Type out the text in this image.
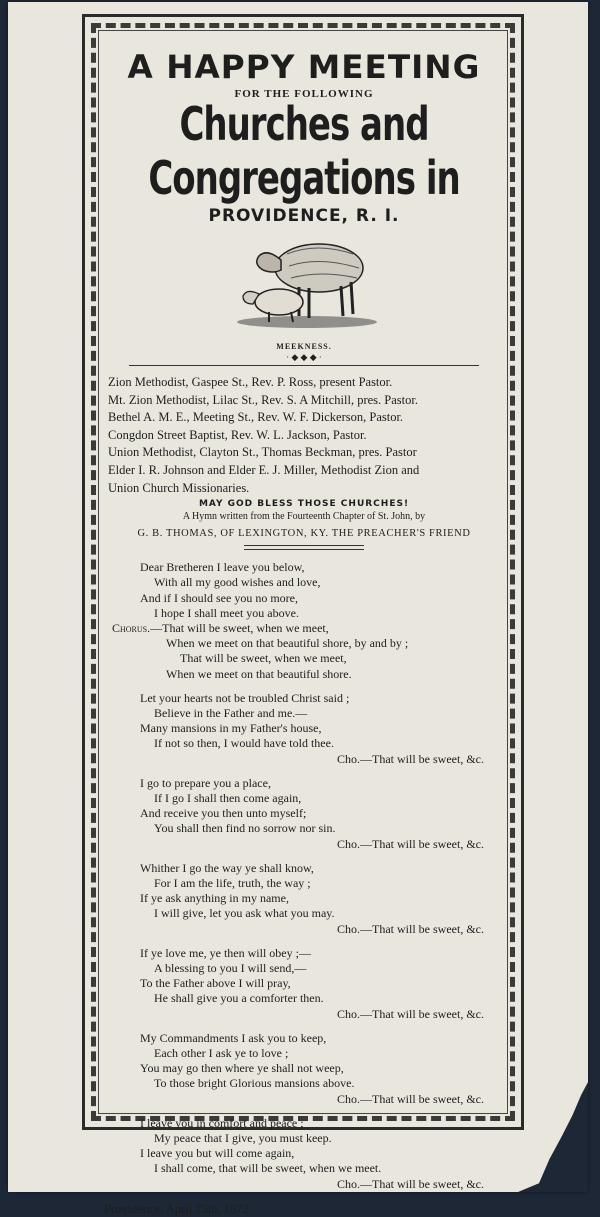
A HAPPY MEETING
FOR THE FOLLOWING
Churches and Congregations in
PROVIDENCE, R. I.
MEEKNESS.
⋅ ◆ ◆ ◆ ⋅
Zion Methodist, Gaspee St., Rev. P. Ross, present Pastor.
Mt. Zion Methodist, Lilac St., Rev. S. A Mitchill, pres. Pastor.
Bethel A. M. E., Meeting St., Rev. W. F. Dickerson, Pastor.
Congdon Street Baptist, Rev. W. L. Jackson, Pastor.
Union Methodist, Clayton St., Thomas Beckman, pres. Pastor
Elder I. R. Johnson and Elder E. J. Miller, Methodist Zion and
Union Church Missionaries.
MAY GOD BLESS THOSE CHURCHES!
A Hymn written from the Fourteenth Chapter of St. John, by
G. B. THOMAS, OF LEXINGTON, KY. THE PREACHER'S FRIEND
Dear Bretheren I leave you below,
With all my good wishes and love,
And if I should see you no more,
I hope I shall meet you above.
Chorus.—That will be sweet, when we meet,
When we meet on that beautiful shore, by and by ;
That will be sweet, when we meet,
When we meet on that beautiful shore.
Let your hearts not be troubled Christ said ;
Believe in the Father and me.—
Many mansions in my Father's house,
If not so then, I would have told thee.
Cho.—That will be sweet, &c.
I go to prepare you a place,
If I go I shall then come again,
And receive you then unto myself;
You shall then find no sorrow nor sin.
Cho.—That will be sweet, &c.
Whither I go the way ye shall know,
For I am the life, truth, the way ;
If ye ask anything in my name,
I will give, let you ask what you may.
Cho.—That will be sweet, &c.
If ye love me, ye then will obey ;—
A blessing to you I will send,—
To the Father above I will pray,
He shall give you a comforter then.
Cho.—That will be sweet, &c.
My Commandments I ask you to keep,
Each other I ask ye to love ;
You may go then where ye shall not weep,
To those bright Glorious mansions above.
Cho.—That will be sweet, &c.
I leave you in comfort and peace ;
My peace that I give, you must keep.
I leave you but will come again,
I shall come, that will be sweet, when we meet.
Cho.—That will be sweet, &c.
Providence, April 25th, 1872.
